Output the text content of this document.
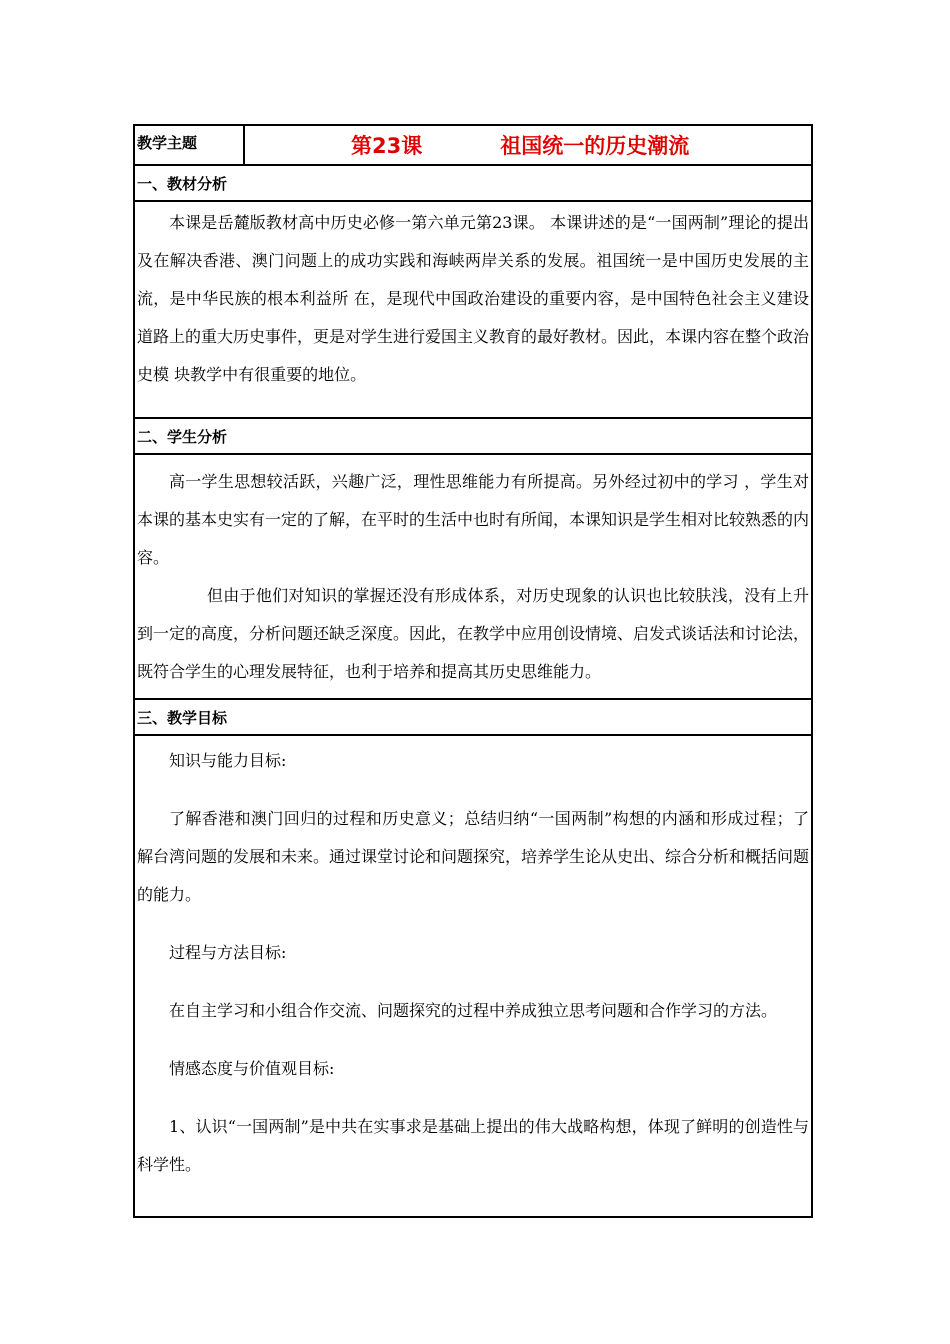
教学主题	第23课	祖国统一的历史潮流
一、教材分析

本课是岳麓版教材高中历史必修一第六单元第23课。 本课讲述的是“一国两制”理论的提出及在解决香港、澳门问题上的成功实践和海峡两岸关系的发展。祖国统一是中国历史发展的主流，是中华民族的根本利益所 在，是现代中国政治建设的重要内容，是中国特色社会主义建设道路上的重大历史事件，更是对学生进行爱国主义教育的最好教材。因此，本课内容在整个政治史模 块教学中有很重要的地位。

二、学生分析

高一学生思想较活跃，兴趣广泛，理性思维能力有所提高。另外经过初中的学习 ，学生对本课的基本史实有一定的了解，在平时的生活中也时有所闻，本课知识是学生相对比较熟悉的内容。

但由于他们对知识的掌握还没有形成体系，对历史现象的认识也比较肤浅，没有上升到一定的高度，分析问题还缺乏深度。因此，在教学中应用创设情境、启发式谈话法和讨论法，既符合学生的心理发展特征，也利于培养和提高其历史思维能力。

三、教学目标

知识与能力目标:

了解香港和澳门回归的过程和历史意义；总结归纳“一国两制”构想的内涵和形成过程；了解台湾问题的发展和未来。通过课堂讨论和问题探究，培养学生论从史出、综合分析和概括问题的能力。

过程与方法目标:

在自主学习和小组合作交流、问题探究的过程中养成独立思考问题和合作学习的方法。

情感态度与价值观目标:

1、认识“一国两制”是中共在实事求是基础上提出的伟大战略构想，体现了鲜明的创造性与科学性。
